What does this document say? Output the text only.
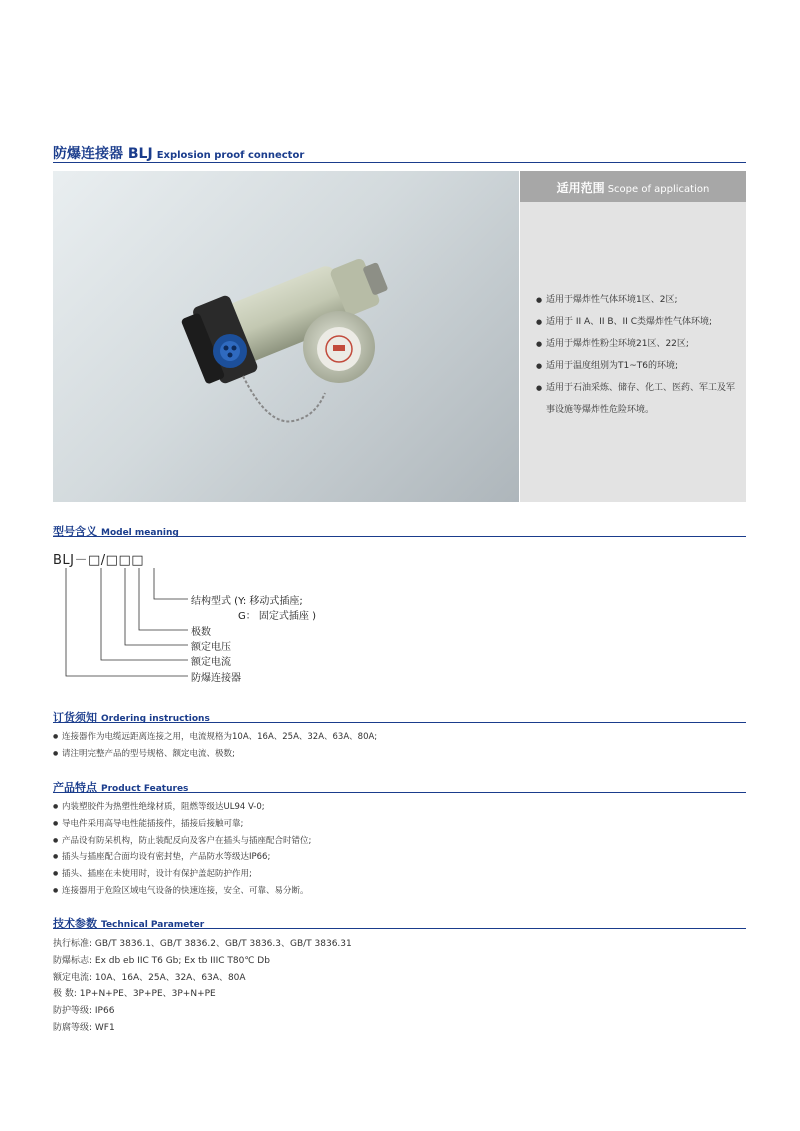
防爆连接器 BLJ Explosion proof connector
适用范围 Scope of application
● 适用于爆炸性气体环境1区、2区;
● 适用于 II A、II B、II C类爆炸性气体环境;
● 适用于爆炸性粉尘环境21区、22区;
● 适用于温度组别为T1~T6的环境;
● 适用于石油采炼、储存、化工、医药、军工及军事设施等爆炸性危险环境。
型号含义 Model meaning
BLJ－□/□□□
结构型式 (Y: 移动式插座;
G： 固定式插座 )
极数
额定电压
额定电流
防爆连接器
订货须知 Ordering instructions
● 连接器作为电缆远距离连接之用，电流规格为10A、16A、25A、32A、63A、80A;
● 请注明完整产品的型号规格、额定电流、极数;
产品特点 Product Features
● 内装塑胶件为热塑性绝缘材质，阻燃等级达UL94 V-0;
● 导电件采用高导电性能插接件，插接后接触可靠;
● 产品设有防呆机构，防止装配反向及客户在插头与插座配合时错位;
● 插头与插座配合面均设有密封垫，产品防水等级达IP66;
● 插头、插座在未使用时，设计有保护盖起防护作用;
● 连接器用于危险区域电气设备的快速连接，安全、可靠、易分断。
技术参数 Technical Parameter
执行标准: GB/T 3836.1、GB/T 3836.2、GB/T 3836.3、GB/T 3836.31
防爆标志: Ex db eb IIC T6 Gb; Ex tb IIIC T80℃ Db
额定电流: 10A、16A、25A、32A、63A、80A
极 数: 1P+N+PE、3P+PE、3P+N+PE
防护等级: IP66
防腐等级: WF1
